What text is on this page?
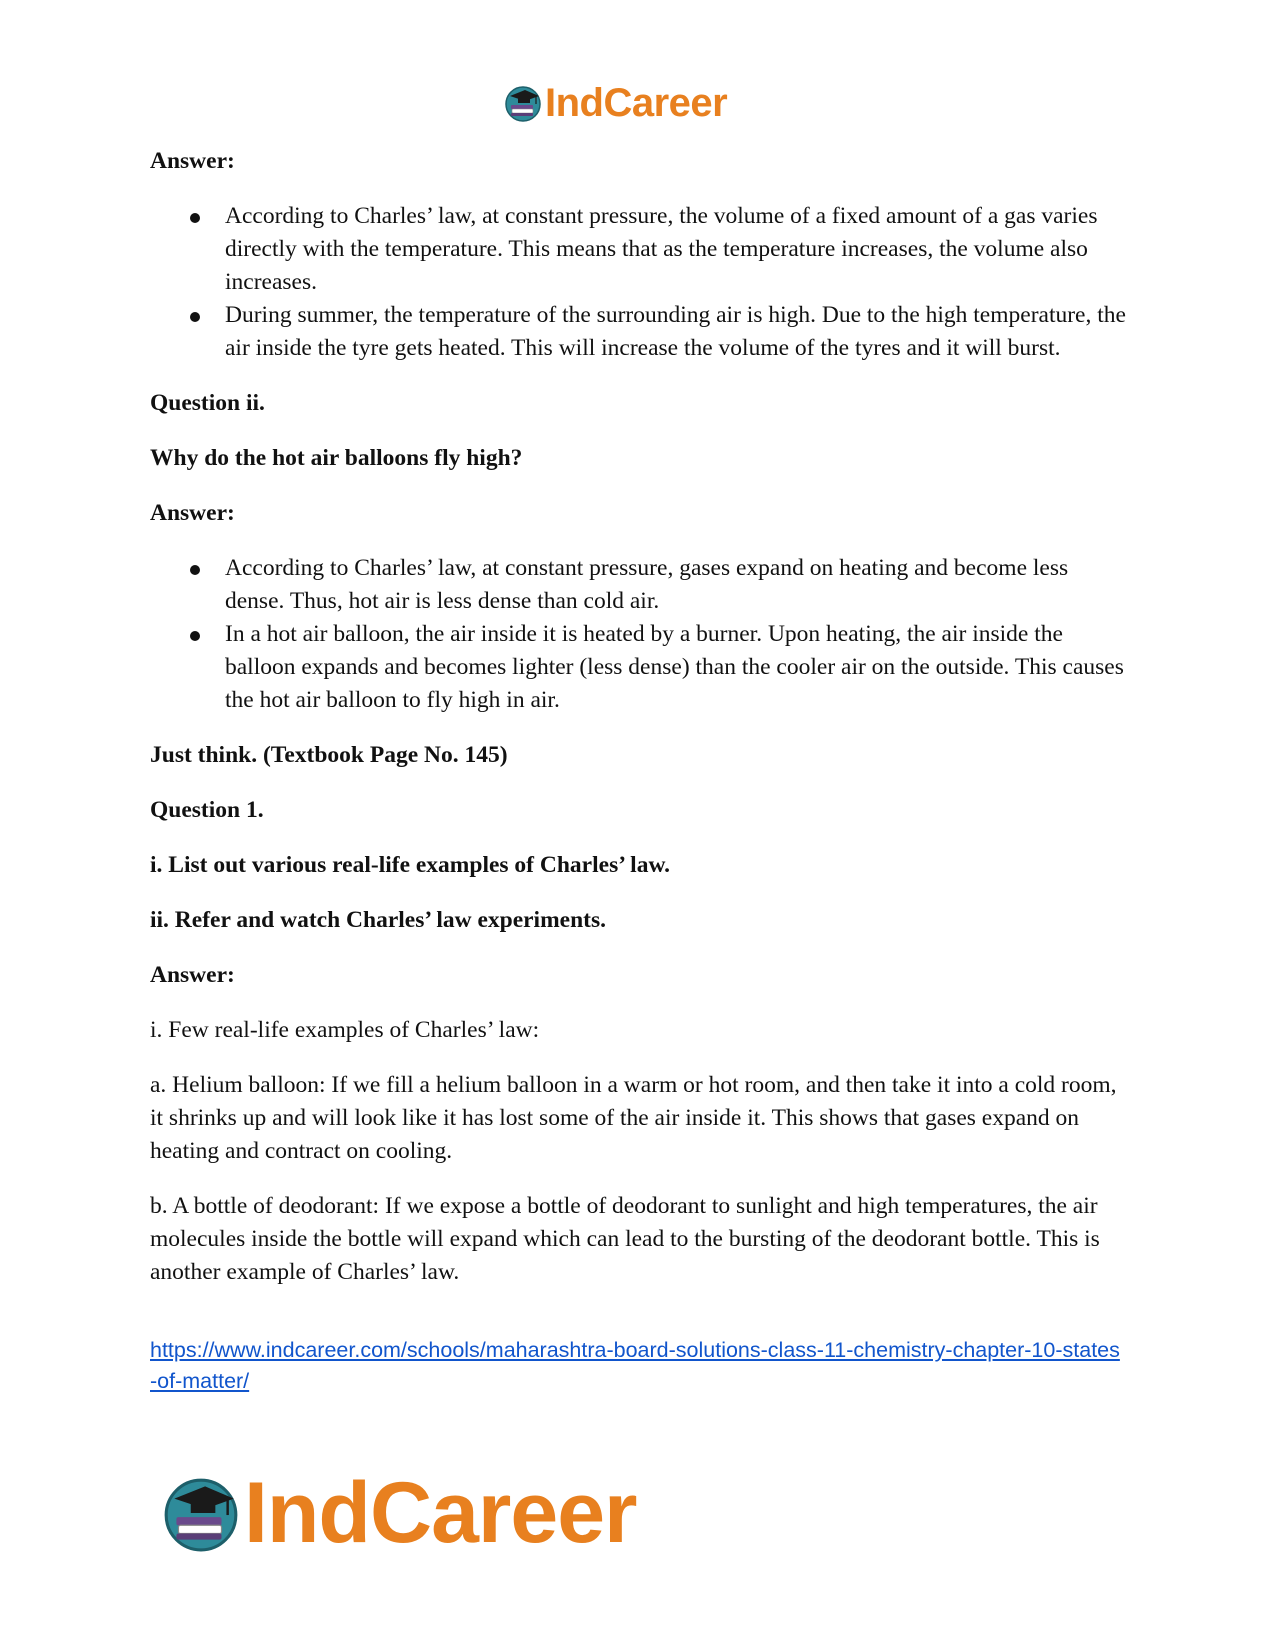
IndCareer

Answer:

According to Charles’ law, at constant pressure, the volume of a fixed amount of a gas varies directly with the temperature. This means that as the temperature increases, the volume also increases.
During summer, the temperature of the surrounding air is high. Due to the high temperature, the air inside the tyre gets heated. This will increase the volume of the tyres and it will burst.

Question ii.

Why do the hot air balloons fly high?

Answer:

According to Charles’ law, at constant pressure, gases expand on heating and become less dense. Thus, hot air is less dense than cold air.
In a hot air balloon, the air inside it is heated by a burner. Upon heating, the air inside the balloon expands and becomes lighter (less dense) than the cooler air on the outside. This causes the hot air balloon to fly high in air.

Just think. (Textbook Page No. 145)

Question 1.

i. List out various real-life examples of Charles’ law.

ii. Refer and watch Charles’ law experiments.

Answer:

i. Few real-life examples of Charles’ law:

a. Helium balloon: If we fill a helium balloon in a warm or hot room, and then take it into a cold room, it shrinks up and will look like it has lost some of the air inside it. This shows that gases expand on heating and contract on cooling.

b. A bottle of deodorant: If we expose a bottle of deodorant to sunlight and high temperatures, the air molecules inside the bottle will expand which can lead to the bursting of the deodorant bottle. This is another example of Charles’ law.

https://www.indcareer.com/schools/maharashtra-board-solutions-class-11-chemistry-chapter-10-states-of-matter/
IndCareer
